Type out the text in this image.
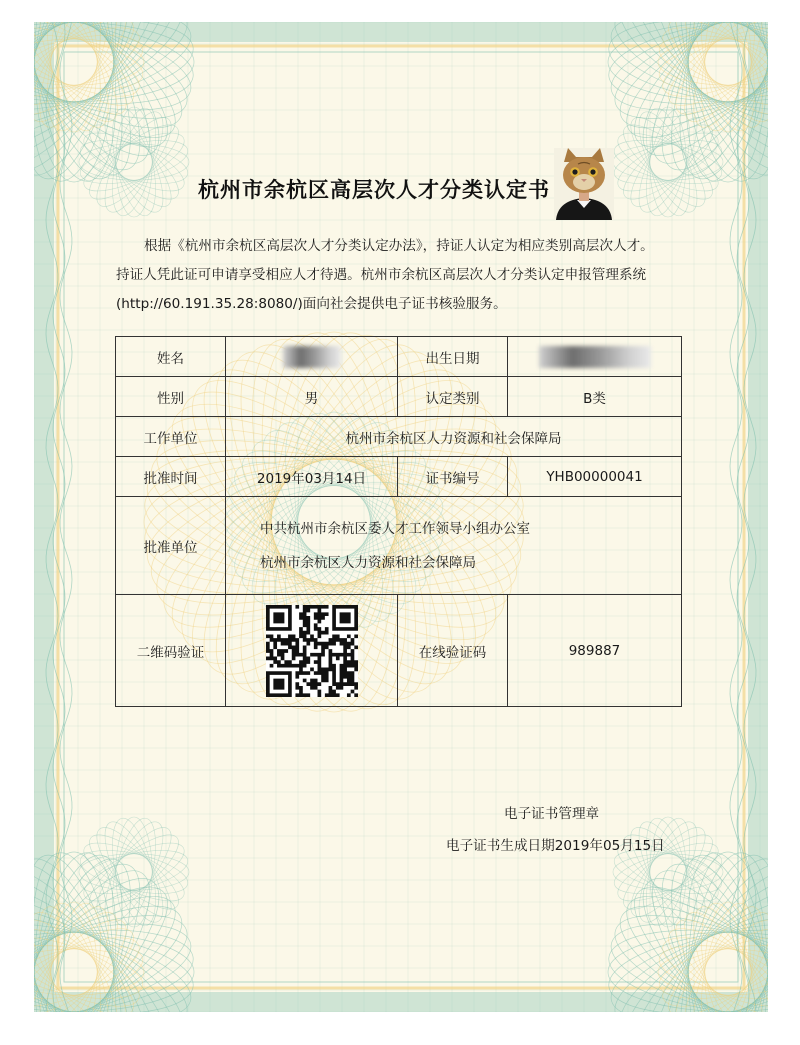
杭州市余杭区高层次人才分类认定书
根据《杭州市余杭区高层次人才分类认定办法》，持证人认定为相应类别高层次人才。
持证人凭此证可申请享受相应人才待遇。杭州市余杭区高层次人才分类认定申报管理系统
(http://60.191.35.28:8080/)面向社会提供电子证书核验服务。
姓名		出生日期	
性别	男	认定类别	B类
工作单位	杭州市余杭区人力资源和社会保障局		
批准时间	2019年03月14日	证书编号	YHB00000041
批准单位	中共杭州市余杭区委人才工作领导小组办公室
杭州市余杭区人力资源和社会保障局		

二维码验证		在线验证码	989887
电子证书管理章
电子证书生成日期2019年05月15日
